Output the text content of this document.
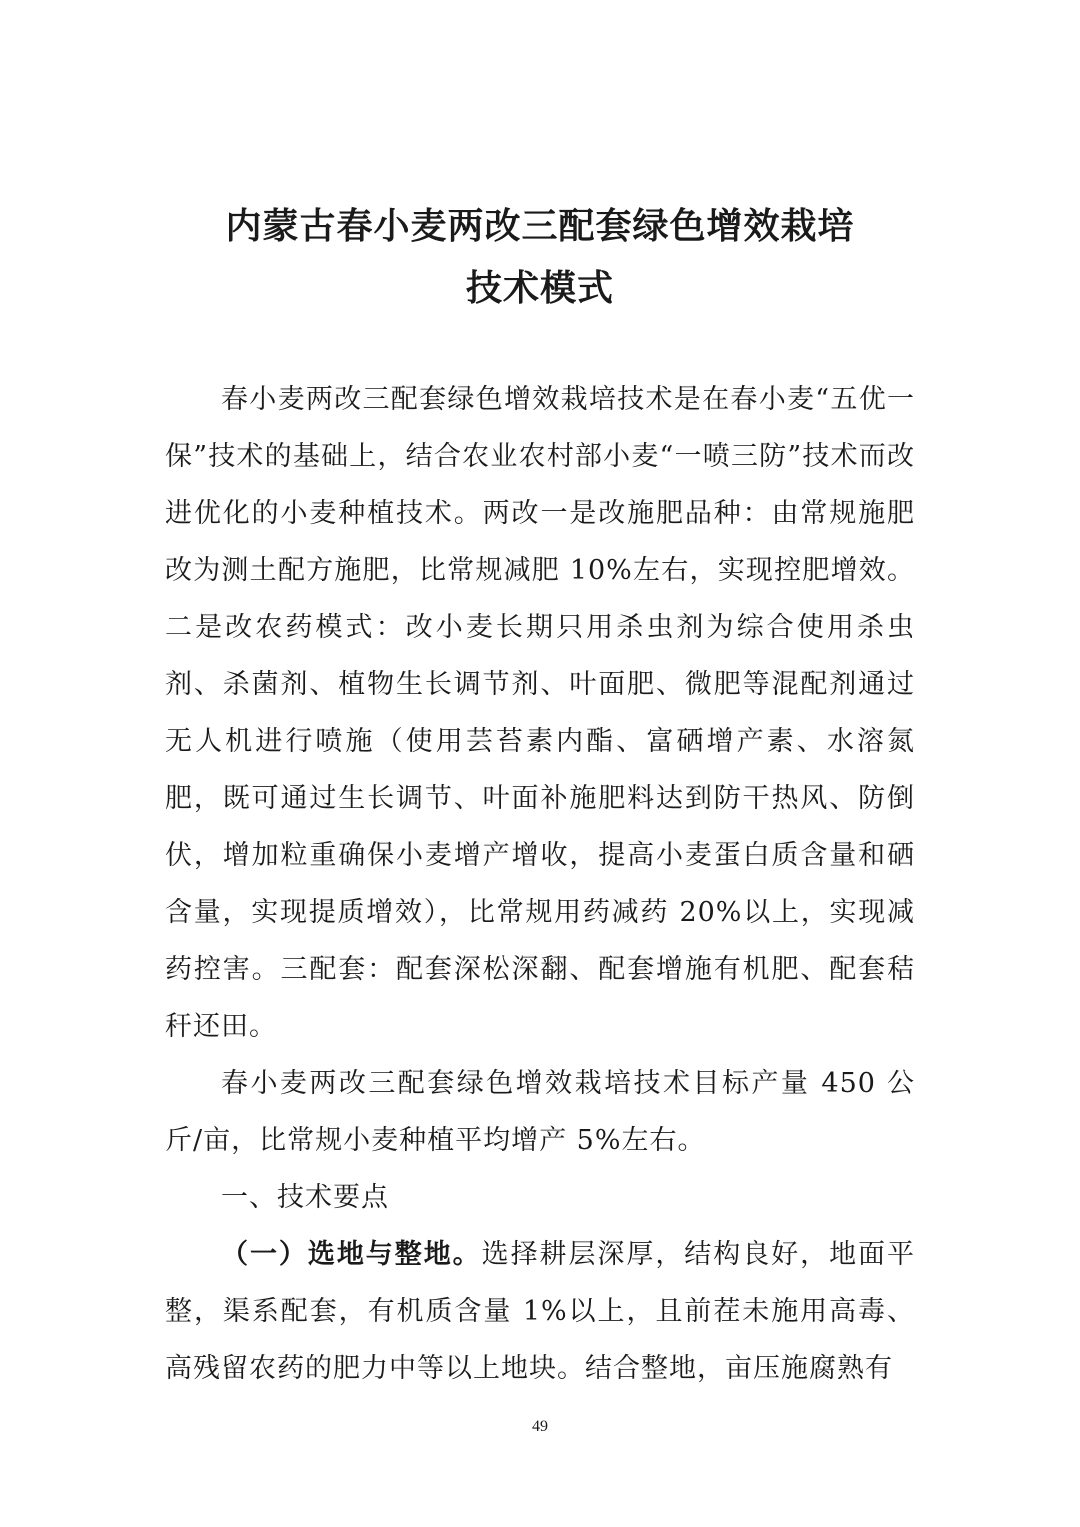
内蒙古春小麦两改三配套绿色增效栽培
技术模式

春小麦两改三配套绿色增效栽培技术是在春小麦“五优一保”技术的基础上，结合农业农村部小麦“一喷三防”技术而改进优化的小麦种植技术。两改一是改施肥品种：由常规施肥改为测土配方施肥，比常规减肥 10%左右，实现控肥增效。二是改农药模式：改小麦长期只用杀虫剂为综合使用杀虫剂、杀菌剂、植物生长调节剂、叶面肥、微肥等混配剂通过无人机进行喷施（使用芸苔素内酯、富硒增产素、水溶氮肥，既可通过生长调节、叶面补施肥料达到防干热风、防倒伏，增加粒重确保小麦增产增收，提高小麦蛋白质含量和硒含量，实现提质增效），比常规用药减药 20%以上，实现减药控害。三配套：配套深松深翻、配套增施有机肥、配套秸秆还田。

春小麦两改三配套绿色增效栽培技术目标产量 450 公斤/亩，比常规小麦种植平均增产 5%左右。

一、技术要点

（一）选地与整地。选择耕层深厚，结构良好，地面平整，渠系配套，有机质含量 1%以上，且前茬未施用高毒、高残留农药的肥力中等以上地块。结合整地，亩压施腐熟有

49
